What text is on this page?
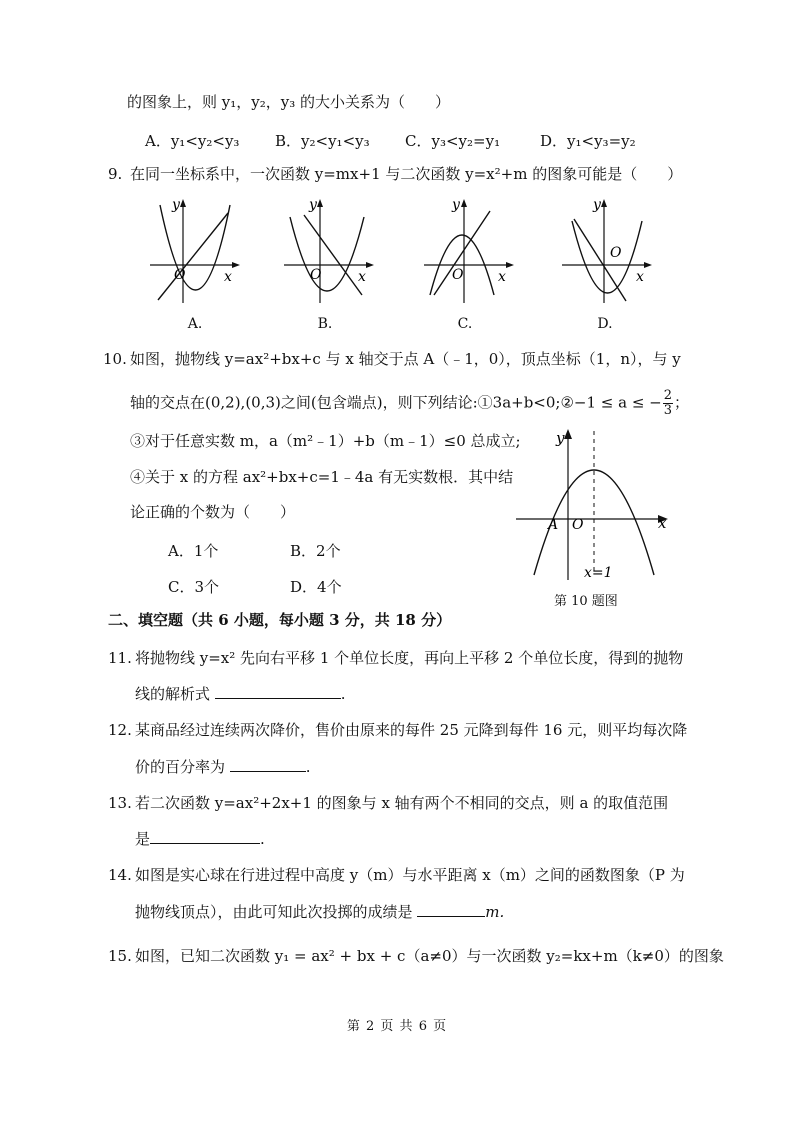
的图象上，则 y₁，y₂，y₃ 的大小关系为（　　）
A．y₁<y₂<y₃ B．y₂<y₁<y₃ C．y₃<y₂=y₁	D．y₁<y₃=y₂
9. 在同一坐标系中，一次函数 y=mx+1 与二次函数 y=x²+m 的图象可能是（　　）
y
x
O
y
x
O
y
x
O
y
x
O
A.	B.	C.	D.
10. 如图，抛物线 y=ax²+bx+c 与 x 轴交于点 A（﹣1，0），顶点坐标（1，n），与 y
轴的交点在(0,2),(0,3)之间(包含端点)，则下列结论:①3a+b<0;②−1 ≤ a ≤ − $\frac{2}{3}$ ；
③对于任意实数 m，a（m²﹣1）+b（m﹣1）≤0 总成立;
④关于 x 的方程 ax²+bx+c=1﹣4a 有无实数根．其中结
论正确的个数为（　　）
A．1个	B．2个
C．3个	D．4个
y
x
A O
x=1
第 10 题图
二、填空题（共 6 小题，每小题 3 分，共 18 分）
11. 将抛物线 y=x² 先向右平移 1 个单位长度，再向上平移 2 个单位长度，得到的抛物
线的解析式	.
12. 某商品经过连续两次降价，售价由原来的每件 25 元降到每件 16 元，则平均每次降
价的百分率为	.
13. 若二次函数 y=ax²+2x+1 的图象与 x 轴有两个不相同的交点，则 a 的取值范围
是	.
14. 如图是实心球在行进过程中高度 y（m）与水平距离 x（m）之间的函数图象（P 为
抛物线顶点），由此可知此次投掷的成绩是	m.
15. 如图，已知二次函数 y₁ = ax² + bx + c（a≠0）与一次函数 y₂=kx+m（k≠0）的图象
第 2 页 共 6 页
